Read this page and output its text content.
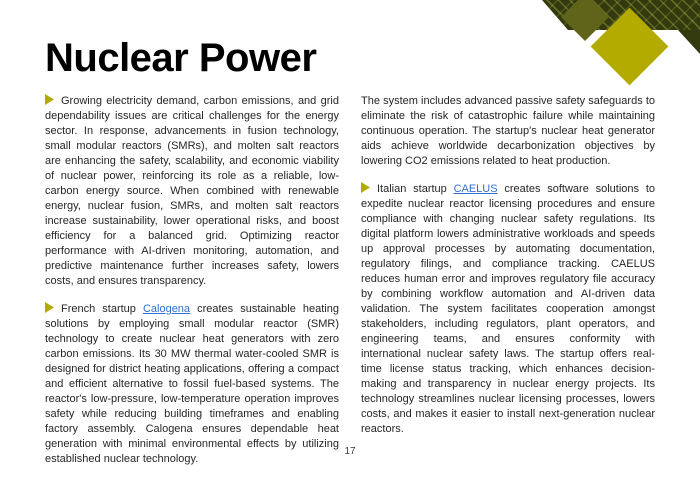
Nuclear Power

Growing electricity demand, carbon emissions, and grid dependability issues are critical challenges for the energy sector. In response, advancements in fusion technology, small modular reactors (SMRs), and molten salt reactors are enhancing the safety, scalability, and economic viability of nuclear power, reinforcing its role as a reliable, low-carbon energy source. When combined with renewable energy, nuclear fusion, SMRs, and molten salt reactors increase sustainability, lower operational risks, and boost efficiency for a balanced grid. Optimizing reactor performance with AI-driven monitoring, automation, and predictive maintenance further increases safety, lowers costs, and ensures transparency.

French startup Calogena creates sustainable heating solutions by employing small modular reactor (SMR) technology to create nuclear heat generators with zero carbon emissions. Its 30 MW thermal water-cooled SMR is designed for district heating applications, offering a compact and efficient alternative to fossil fuel-based systems. The reactor's low-pressure, low-temperature operation improves safety while reducing building timeframes and enabling factory assembly. Calogena ensures dependable heat generation with minimal environmental effects by utilizing established nuclear technology.

The system includes advanced passive safety safeguards to eliminate the risk of catastrophic failure while maintaining continuous operation. The startup's nuclear heat generator aids achieve worldwide decarbonization objectives by lowering CO2 emissions related to heat production.

Italian startup CAELUS creates software solutions to expedite nuclear reactor licensing procedures and ensure compliance with changing nuclear safety regulations. Its digital platform lowers administrative workloads and speeds up approval processes by automating documentation, regulatory filings, and compliance tracking. CAELUS reduces human error and improves regulatory file accuracy by combining workflow automation and AI-driven data validation. The system facilitates cooperation amongst stakeholders, including regulators, plant operators, and engineering teams, and ensures conformity with international nuclear safety laws. The startup offers real-time license status tracking, which enhances decision-making and transparency in nuclear energy projects. Its technology streamlines nuclear licensing processes, lowers costs, and makes it easier to install next-generation nuclear reactors.

17
